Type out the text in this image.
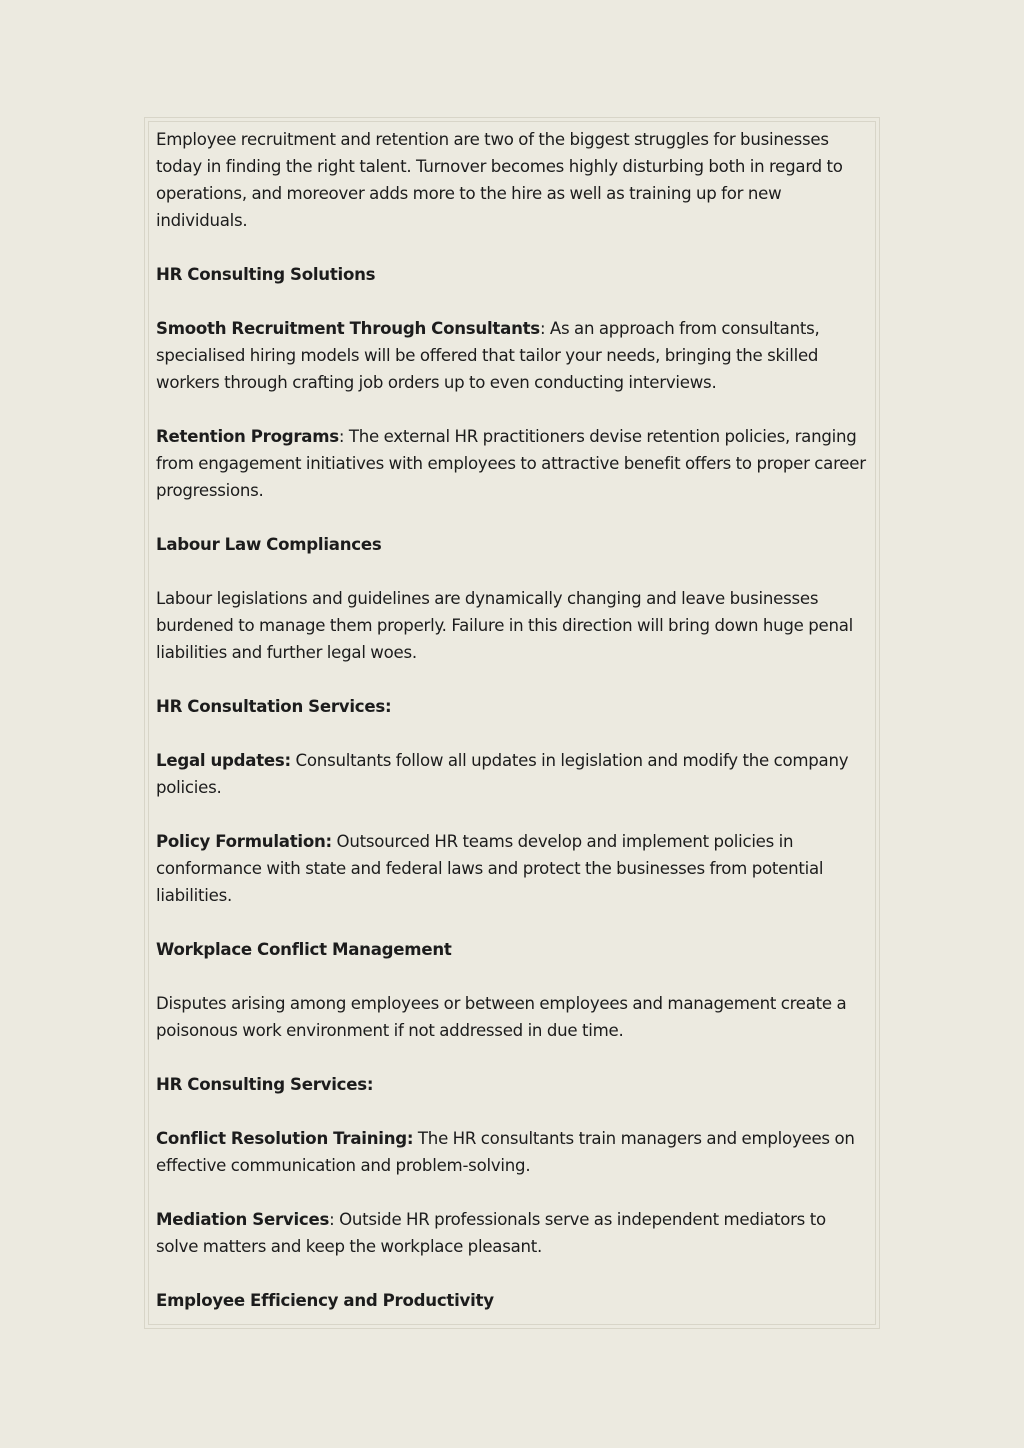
Employee recruitment and retention are two of the biggest struggles for businesses today in finding the right talent. Turnover becomes highly disturbing both in regard to operations, and moreover adds more to the hire as well as training up for new individuals.

HR Consulting Solutions

Smooth Recruitment Through Consultants: As an approach from consultants, specialised hiring models will be offered that tailor your needs, bringing the skilled workers through crafting job orders up to even conducting interviews.

Retention Programs: The external HR practitioners devise retention policies, ranging from engagement initiatives with employees to attractive benefit offers to proper career progressions.

Labour Law Compliances

Labour legislations and guidelines are dynamically changing and leave businesses burdened to manage them properly. Failure in this direction will bring down huge penal liabilities and further legal woes.

HR Consultation Services:

Legal updates: Consultants follow all updates in legislation and modify the company policies.

Policy Formulation: Outsourced HR teams develop and implement policies in conformance with state and federal laws and protect the businesses from potential liabilities.

Workplace Conflict Management

Disputes arising among employees or between employees and management create a poisonous work environment if not addressed in due time.

HR Consulting Services:

Conflict Resolution Training: The HR consultants train managers and employees on effective communication and problem-solving.

Mediation Services: Outside HR professionals serve as independent mediators to solve matters and keep the workplace pleasant.

Employee Efficiency and Productivity
